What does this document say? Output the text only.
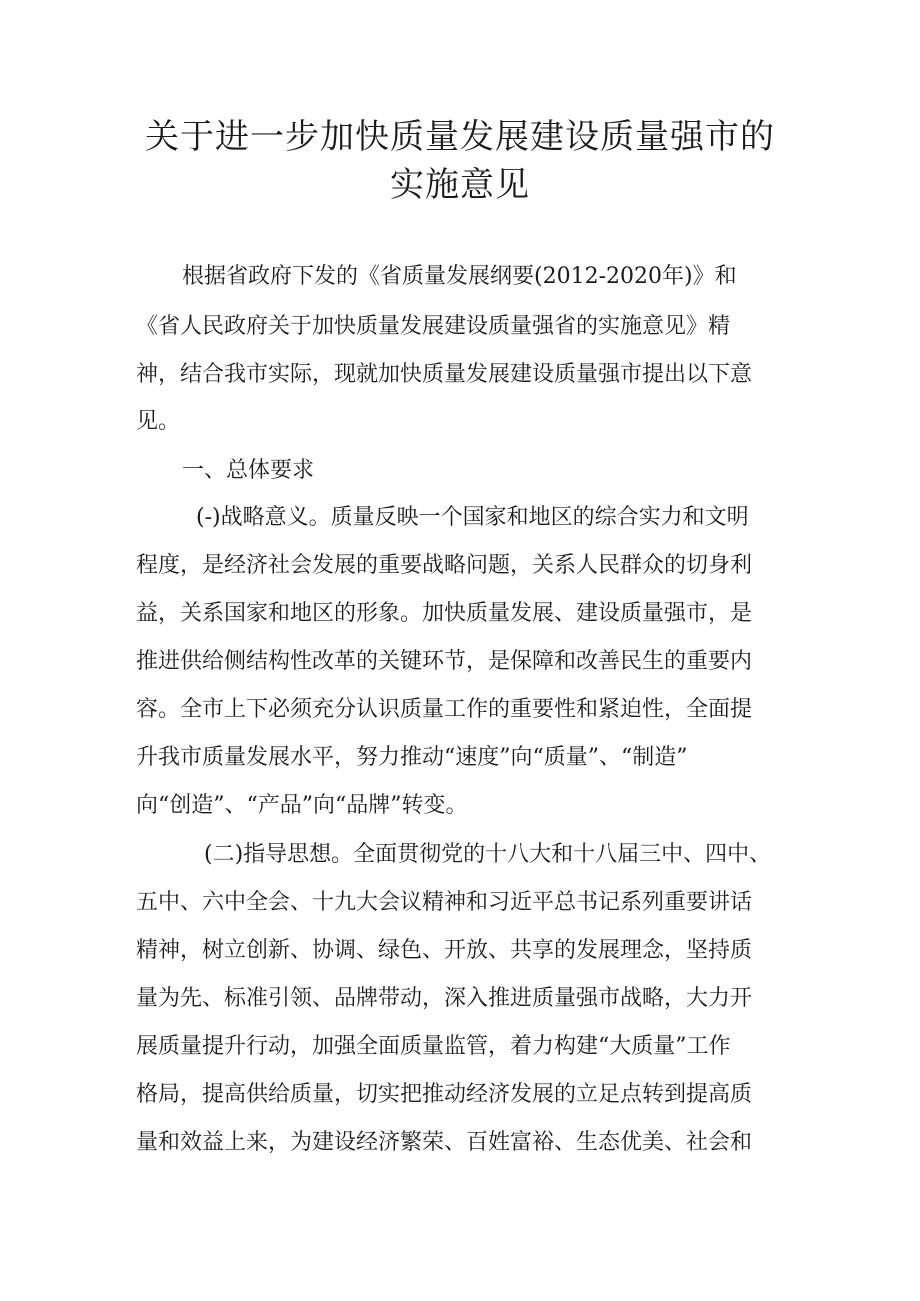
关于进一步加快质量发展建设质量强市的
实施意见

根据省政府下发的《省质量发展纲要(2012-2020年)》和

《省人民政府关于加快质量发展建设质量强省的实施意见》精

神，结合我市实际，现就加快质量发展建设质量强市提出以下意

见。

一、总体要求

(-)战略意义。质量反映一个国家和地区的综合实力和文明

程度，是经济社会发展的重要战略问题，关系人民群众的切身利

益，关系国家和地区的形象。加快质量发展、建设质量强市，是

推进供给侧结构性改革的关键环节，是保障和改善民生的重要内

容。全市上下必须充分认识质量工作的重要性和紧迫性，全面提

升我市质量发展水平，努力推动“速度”向“质量”、“制造”

向“创造”、“产品”向“品牌”转变。

(二)指导思想。全面贯彻党的十八大和十八届三中、四中、

五中、六中全会、十九大会议精神和习近平总书记系列重要讲话

精神，树立创新、协调、绿色、开放、共享的发展理念，坚持质

量为先、标准引领、品牌带动，深入推进质量强市战略，大力开

展质量提升行动，加强全面质量监管，着力构建“大质量”工作

格局，提高供给质量，切实把推动经济发展的立足点转到提高质

量和效益上来，为建设经济繁荣、百姓富裕、生态优美、社会和
